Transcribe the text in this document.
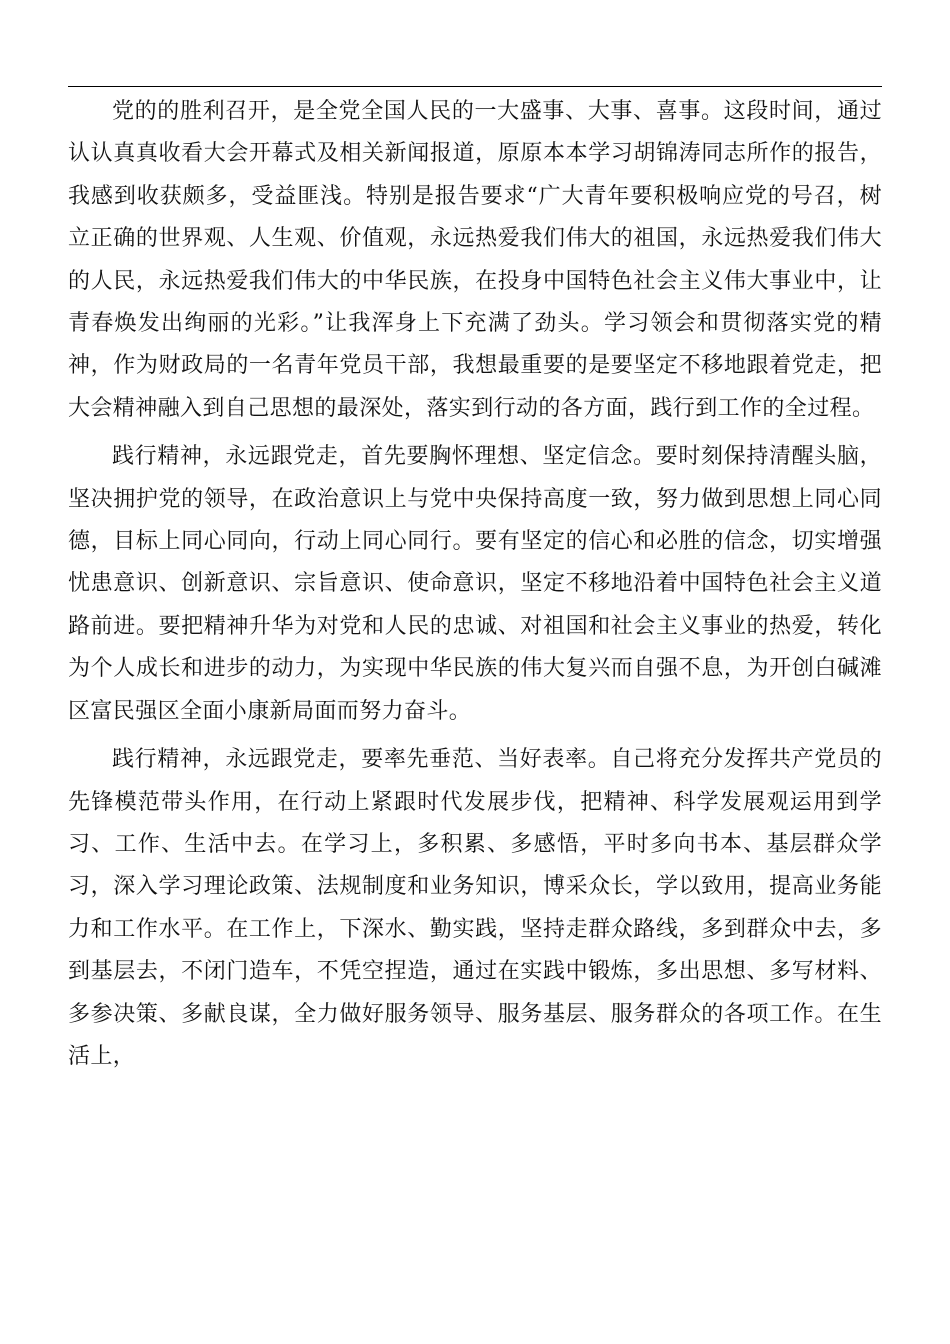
党的的胜利召开，是全党全国人民的一大盛事、大事、喜事。这段时间，通过认认真真收看大会开幕式及相关新闻报道，原原本本学习胡锦涛同志所作的报告，我感到收获颇多，受益匪浅。特别是报告要求“广大青年要积极响应党的号召，树立正确的世界观、人生观、价值观，永远热爱我们伟大的祖国，永远热爱我们伟大的人民，永远热爱我们伟大的中华民族，在投身中国特色社会主义伟大事业中，让青春焕发出绚丽的光彩。”让我浑身上下充满了劲头。学习领会和贯彻落实党的精神，作为财政局的一名青年党员干部，我想最重要的是要坚定不移地跟着党走，把大会精神融入到自己思想的最深处，落实到行动的各方面，践行到工作的全过程。

践行精神，永远跟党走，首先要胸怀理想、坚定信念。要时刻保持清醒头脑，坚决拥护党的领导，在政治意识上与党中央保持高度一致，努力做到思想上同心同德，目标上同心同向，行动上同心同行。要有坚定的信心和必胜的信念，切实增强忧患意识、创新意识、宗旨意识、使命意识，坚定不移地沿着中国特色社会主义道路前进。要把精神升华为对党和人民的忠诚、对祖国和社会主义事业的热爱，转化为个人成长和进步的动力，为实现中华民族的伟大复兴而自强不息，为开创白碱滩区富民强区全面小康新局面而努力奋斗。

践行精神，永远跟党走，要率先垂范、当好表率。自己将充分发挥共产党员的先锋模范带头作用，在行动上紧跟时代发展步伐，把精神、科学发展观运用到学习、工作、生活中去。在学习上，多积累、多感悟，平时多向书本、基层群众学习，深入学习理论政策、法规制度和业务知识，博采众长，学以致用，提高业务能力和工作水平。在工作上，下深水、勤实践，坚持走群众路线，多到群众中去，多到基层去，不闭门造车，不凭空捏造，通过在实践中锻炼，多出思想、多写材料、多参决策、多献良谋，全力做好服务领导、服务基层、服务群众的各项工作。在生活上，
